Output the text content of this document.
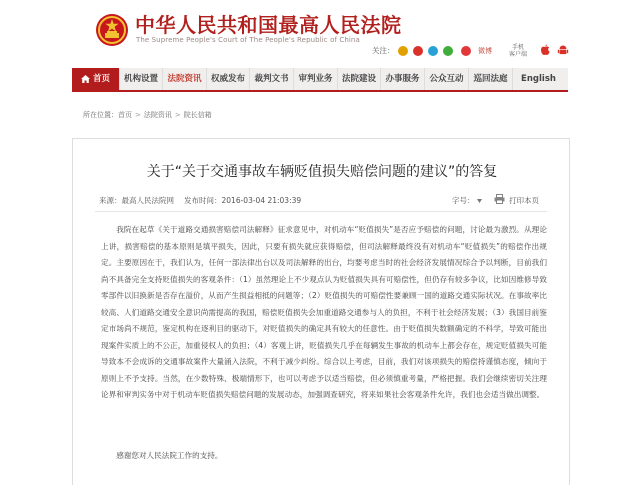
中华人民共和国最高人民法院
The Supreme People's Court of The People's Republic of China
关注：	微博	手机
客户端
首页	机构设置	法院资讯	权威发布	裁判文书	审判业务	法院建设	办事服务	公众互动	巡回法庭	English
所在位置：首页 > 法院资讯 > 院长信箱
关于“关于交通事故车辆贬值损失赔偿问题的建议”的答复
来源：最高人民法院网 发布时间：2016-03-04 21:03:39	字号：	打印本页
我院在起草《关于道路交通损害赔偿司法解释》征求意见中，对机动车“贬值损失”是否应予赔偿的问题，讨论最为激烈。从理论上讲，损害赔偿的基本原则是填平损失，因此，只要有损失就应获得赔偿，但司法解释最终没有对机动车“贬值损失”的赔偿作出规定。主要原因在于，我们认为，任何一部法律出台以及司法解释的出台，均要考虑当时的社会经济发展情况综合予以判断，目前我们尚不具备完全支持贬值损失的客观条件：（1）虽然理论上不少观点认为贬值损失具有可赔偿性，但仍存有较多争议，比如因维修导致零部件以旧换新是否存在溢价，从而产生损益相抵的问题等；（2）贬值损失的可赔偿性要兼顾一国的道路交通实际状况。在事故率比较高、人们道路交通安全意识尚需提高的我国，赔偿贬值损失会加重道路交通参与人的负担，不利于社会经济发展；（3）我国目前鉴定市场尚不规范，鉴定机构在逐利目的驱动下，对贬值损失的确定具有较大的任意性。由于贬值损失数额确定的不科学，导致可能出现案件实质上的不公正，加重侵权人的负担；（4）客观上讲，贬值损失几乎在每辆发生事故的机动车上都会存在，规定贬值损失可能导致本不会成诉的交通事故案件大量涌入法院，不利于减少纠纷。综合以上考虑，目前，我们对该项损失的赔偿持谨慎态度，倾向于原则上不予支持。当然，在少数特殊、极端情形下，也可以考虑予以适当赔偿，但必须慎重考量，严格把握。我们会继续密切关注理论界和审判实务中对于机动车贬值损失赔偿问题的发展动态，加强调查研究，将来如果社会客观条件允许，我们也会适当做出调整。
感谢您对人民法院工作的支持。
